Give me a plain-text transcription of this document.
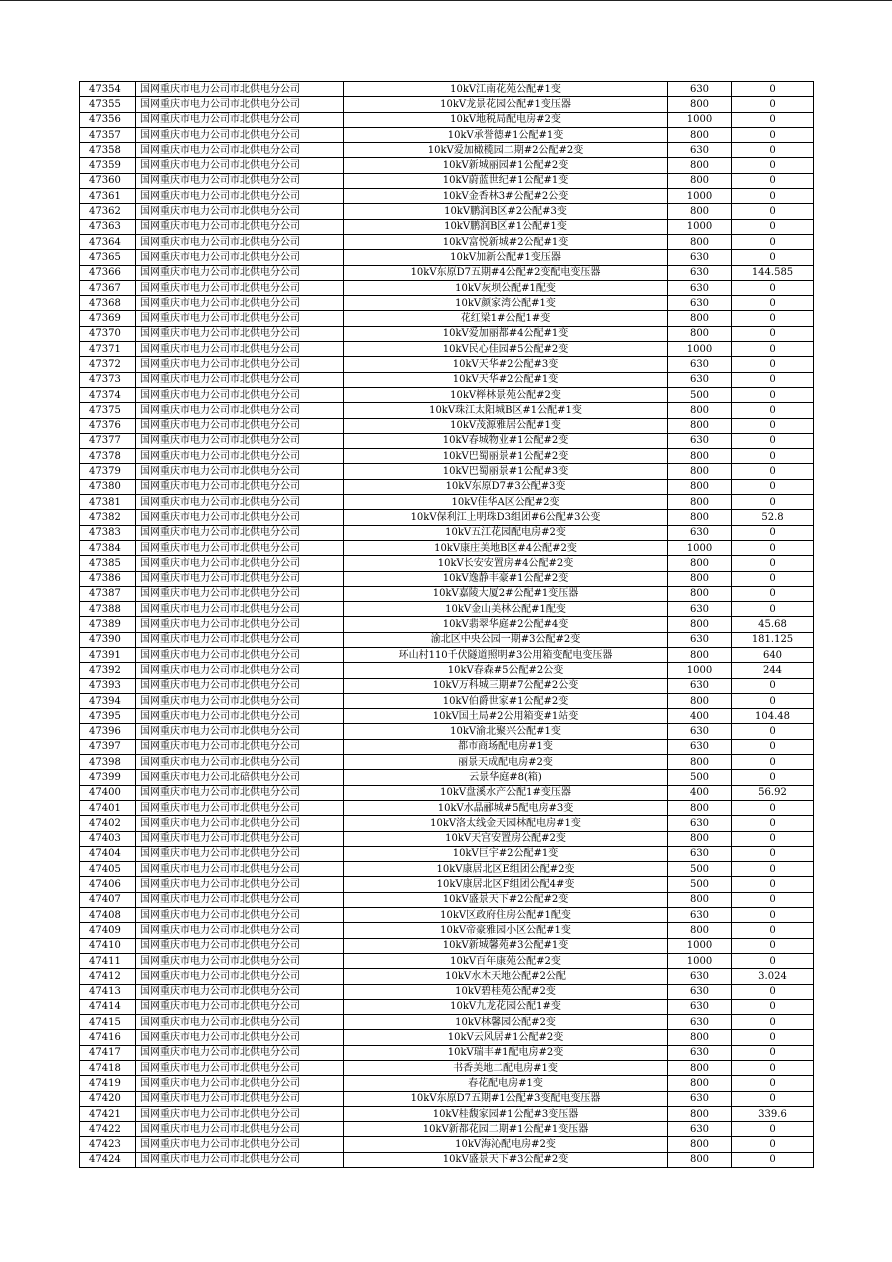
47354	国网重庆市电力公司市北供电分公司	10kV江南花苑公配#1变	630	0
47355	国网重庆市电力公司市北供电分公司	10kV龙景花园公配#1变压器	800	0
47356	国网重庆市电力公司市北供电分公司	10kV地税局配电房#2变	1000	0
47357	国网重庆市电力公司市北供电分公司	10kV承誉德#1公配#1变	800	0
47358	国网重庆市电力公司市北供电分公司	10kV爱加橄榄园二期#2公配#2变	630	0
47359	国网重庆市电力公司市北供电分公司	10kV新城丽园#1公配#2变	800	0
47360	国网重庆市电力公司市北供电分公司	10kV蔚蓝世纪#1公配#1变	800	0
47361	国网重庆市电力公司市北供电分公司	10kV金香林3#公配#2公变	1000	0
47362	国网重庆市电力公司市北供电分公司	10kV鹏润B区#2公配#3变	800	0
47363	国网重庆市电力公司市北供电分公司	10kV鹏润B区#1公配#1变	1000	0
47364	国网重庆市电力公司市北供电分公司	10kV富悦新城#2公配#1变	800	0
47365	国网重庆市电力公司市北供电分公司	10kV加新公配#1变压器	630	0
47366	国网重庆市电力公司市北供电分公司	10kV东原D7五期#4公配#2变配电变压器	630	144.585
47367	国网重庆市电力公司市北供电分公司	10kV灰坝公配#1配变	630	0
47368	国网重庆市电力公司市北供电分公司	10kV颜家湾公配#1变	630	0
47369	国网重庆市电力公司市北供电分公司	花红梁1#公配1#变	800	0
47370	国网重庆市电力公司市北供电分公司	10kV爱加丽都#4公配#1变	800	0
47371	国网重庆市电力公司市北供电分公司	10kV民心佳园#5公配#2变	1000	0
47372	国网重庆市电力公司市北供电分公司	10kV天华#2公配#3变	630	0
47373	国网重庆市电力公司市北供电分公司	10kV天华#2公配#1变	630	0
47374	国网重庆市电力公司市北供电分公司	10kV榉林景苑公配#2变	500	0
47375	国网重庆市电力公司市北供电分公司	10kV珠江太阳城B区#1公配#1变	800	0
47376	国网重庆市电力公司市北供电分公司	10kV茂源雅居公配#1变	800	0
47377	国网重庆市电力公司市北供电分公司	10kV春城物业#1公配#2变	630	0
47378	国网重庆市电力公司市北供电分公司	10kV巴蜀丽景#1公配#2变	800	0
47379	国网重庆市电力公司市北供电分公司	10kV巴蜀丽景#1公配#3变	800	0
47380	国网重庆市电力公司市北供电分公司	10kV东原D7#3公配#3变	800	0
47381	国网重庆市电力公司市北供电分公司	10kV佳华A区公配#2变	800	0
47382	国网重庆市电力公司市北供电分公司	10kV保利江上明珠D3组团#6公配#3公变	800	52.8
47383	国网重庆市电力公司市北供电分公司	10kV五江花园配电房#2变	630	0
47384	国网重庆市电力公司市北供电分公司	10kV康庄美地B区#4公配#2变	1000	0
47385	国网重庆市电力公司市北供电分公司	10kV长安安置房#4公配#2变	800	0
47386	国网重庆市电力公司市北供电分公司	10kV逸静丰豪#1公配#2变	800	0
47387	国网重庆市电力公司市北供电分公司	10kV嘉陵大厦2#公配#1变压器	800	0
47388	国网重庆市电力公司市北供电分公司	10kV金山美林公配#1配变	630	0
47389	国网重庆市电力公司市北供电分公司	10kV翡翠华庭#2公配#4变	800	45.68
47390	国网重庆市电力公司市北供电分公司	渝北区中央公园一期#3公配#2变	630	181.125
47391	国网重庆市电力公司市北供电分公司	环山村110千伏隧道照明#3公用箱变配电变压器	800	640
47392	国网重庆市电力公司市北供电分公司	10kV春森#5公配#2公变	1000	244
47393	国网重庆市电力公司市北供电分公司	10kV万科城三期#7公配#2公变	630	0
47394	国网重庆市电力公司市北供电分公司	10kV伯爵世家#1公配#2变	800	0
47395	国网重庆市电力公司市北供电分公司	10kV国土局#2公用箱变#1站变	400	104.48
47396	国网重庆市电力公司市北供电分公司	10kV渝北聚兴公配#1变	630	0
47397	国网重庆市电力公司市北供电分公司	都市商场配电房#1变	630	0
47398	国网重庆市电力公司市北供电分公司	丽景天成配电房#2变	800	0
47399	国网重庆市电力公司北碚供电分公司	云景华庭#8(箱)	500	0
47400	国网重庆市电力公司市北供电分公司	10kV盘溪水产公配1#变压器	400	56.92
47401	国网重庆市电力公司市北供电分公司	10kV水晶郦城#5配电房#3变	800	0
47402	国网重庆市电力公司市北供电分公司	10kV洛太线金天园林配电房#1变	630	0
47403	国网重庆市电力公司市北供电分公司	10kV天宫安置房公配#2变	800	0
47404	国网重庆市电力公司市北供电分公司	10kV巨宇#2公配#1变	630	0
47405	国网重庆市电力公司市北供电分公司	10kV康居北区E组团公配#2变	500	0
47406	国网重庆市电力公司市北供电分公司	10kV康居北区F组团公配4#变	500	0
47407	国网重庆市电力公司市北供电分公司	10kV盛景天下#2公配#2变	800	0
47408	国网重庆市电力公司市北供电分公司	10kV区政府住房公配#1配变	630	0
47409	国网重庆市电力公司市北供电分公司	10kV帝豪雅园小区公配#1变	800	0
47410	国网重庆市电力公司市北供电分公司	10kV新城馨苑#3公配#1变	1000	0
47411	国网重庆市电力公司市北供电分公司	10kV百年康苑公配#2变	1000	0
47412	国网重庆市电力公司市北供电分公司	10kV水木天地公配#2公配	630	3.024
47413	国网重庆市电力公司市北供电分公司	10kV碧桂苑公配#2变	630	0
47414	国网重庆市电力公司市北供电分公司	10kV九龙花园公配1#变	630	0
47415	国网重庆市电力公司市北供电分公司	10kV林馨园公配#2变	630	0
47416	国网重庆市电力公司市北供电分公司	10kV云风居#1公配#2变	800	0
47417	国网重庆市电力公司市北供电分公司	10kV瑞丰#1配电房#2变	630	0
47418	国网重庆市电力公司市北供电分公司	书香美地二配电房#1变	800	0
47419	国网重庆市电力公司市北供电分公司	春花配电房#1变	800	0
47420	国网重庆市电力公司市北供电分公司	10kV东原D7五期#1公配#3变配电变压器	630	0
47421	国网重庆市电力公司市北供电分公司	10kV桂馥家园#1公配#3变压器	800	339.6
47422	国网重庆市电力公司市北供电分公司	10kV新都花园二期#1公配#1变压器	630	0
47423	国网重庆市电力公司市北供电分公司	10kV海沁配电房#2变	800	0
47424	国网重庆市电力公司市北供电分公司	10kV盛景天下#3公配#2变	800	0
